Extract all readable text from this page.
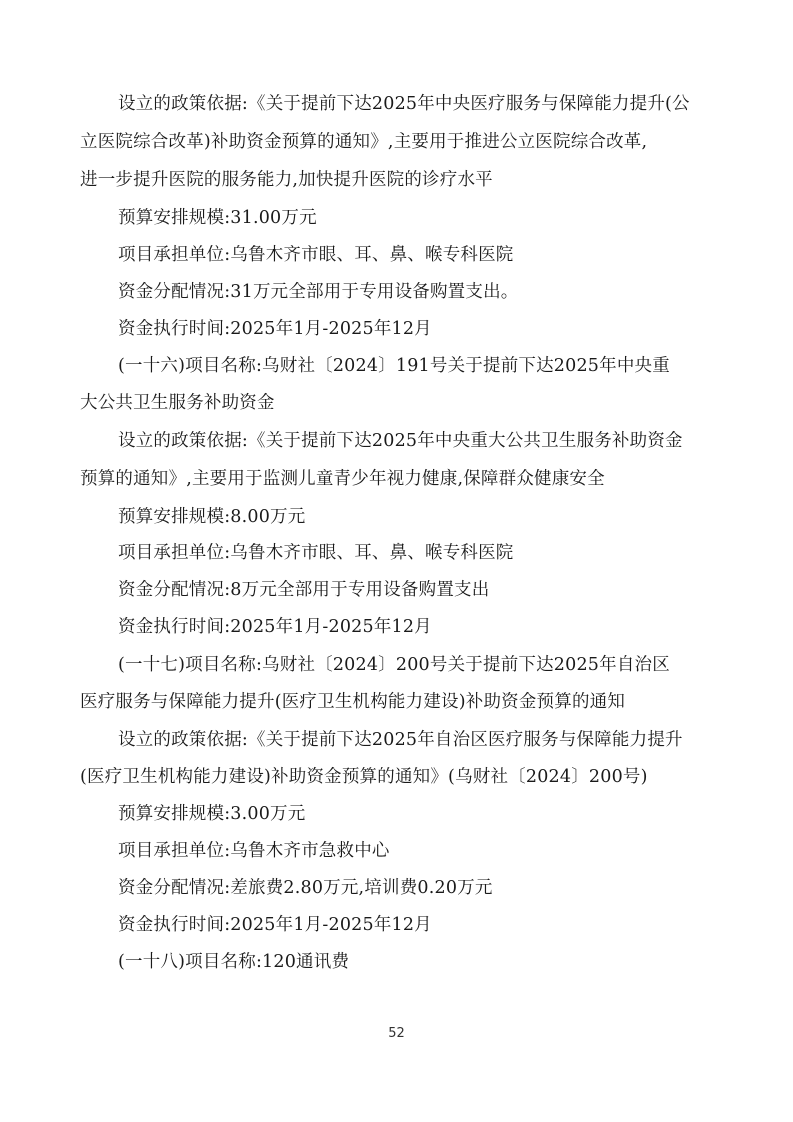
设立的政策依据:《关于提前下达2025年中央医疗服务与保障能力提升(公
立医院综合改革)补助资金预算的通知》,主要用于推进公立医院综合改革,
进一步提升医院的服务能力,加快提升医院的诊疗水平
预算安排规模:31.00万元
项目承担单位:乌鲁木齐市眼、耳、鼻、喉专科医院
资金分配情况:31万元全部用于专用设备购置支出。
资金执行时间:2025年1月-2025年12月
(一十六)项目名称:乌财社〔2024〕191号关于提前下达2025年中央重
大公共卫生服务补助资金
设立的政策依据:《关于提前下达2025年中央重大公共卫生服务补助资金
预算的通知》,主要用于监测儿童青少年视力健康,保障群众健康安全
预算安排规模:8.00万元
项目承担单位:乌鲁木齐市眼、耳、鼻、喉专科医院
资金分配情况:8万元全部用于专用设备购置支出
资金执行时间:2025年1月-2025年12月
(一十七)项目名称:乌财社〔2024〕200号关于提前下达2025年自治区
医疗服务与保障能力提升(医疗卫生机构能力建设)补助资金预算的通知
设立的政策依据:《关于提前下达2025年自治区医疗服务与保障能力提升
(医疗卫生机构能力建设)补助资金预算的通知》(乌财社〔2024〕200号)
预算安排规模:3.00万元
项目承担单位:乌鲁木齐市急救中心
资金分配情况:差旅费2.80万元,培训费0.20万元
资金执行时间:2025年1月-2025年12月
(一十八)项目名称:120通讯费
52
